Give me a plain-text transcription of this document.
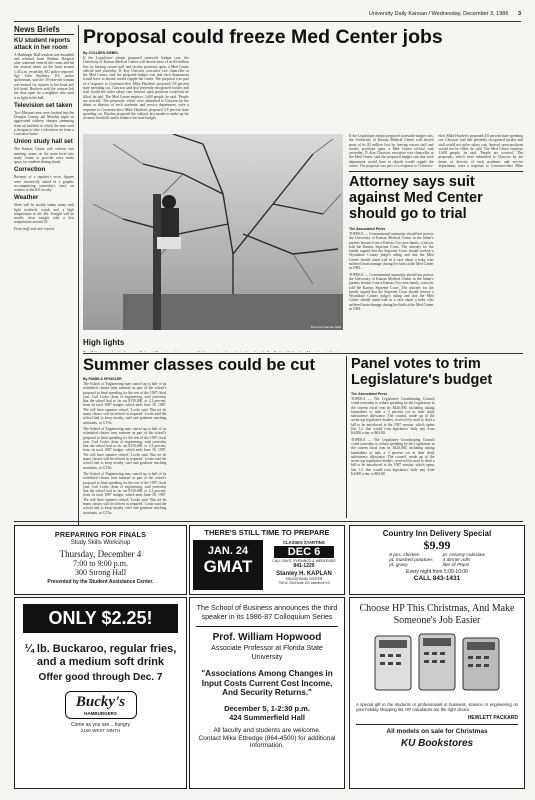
University Daily Kansan / Wednesday, December 3, 1986 3
News Briefs
KU student reports attack in her room

A Hashinger Hall resident was assaulted and released from Watkins Hospital after someone entered her room and hit her several times on the head around 1:45 a.m. yesterday, KU police reported. Sgt. John Brothers, KU police spokesman, said the 18-year-old woman was treated for injuries to her head and left hand. Brothers said the woman left her door open for a neighbor who used it as light in the hall.

Television set taken

Two Missouri men were booked into the Douglas County jail Monday night on aggravated robbery charges stemming from an incident in which the men used a shotgun to take a television set from a Lawrence home.

Union study hall set

The Kansas Union will convert two meeting rooms on the main level into study rooms to provide extra study space for students during finals.

Correction

Because of a reporter's error, figures were incorrectly stated in a graphic accompanying yesterday's story on women in the KU faculty.

Weather

Skies will be mostly sunny today with light northerly winds and a high temperature in the 40s. Tonight will be mostly clear tonight with a low temperature around 25.

From staff and wire reports

Proposal could freeze Med Center jobs
By COLLEEN SIEBEL

If the Legislature adopts proposed statewide budget cuts, the University of Kansas Medical Center will absorb most of its $3 million loss by leaving vacant staff and faculty positions open, a Med Center official said yesterday. D. Kay Clawson, executive vice chancellor at the Med Center, said the proposed budget cuts that each department would have to absorb would cripple the center. The proposal was part of a response to Governor-elect Mike Hayden's proposed 3.8 percent state spending cut. Clawson said that presently recognized faculty and staff would not suffer salary cuts. Instead, open positions would not be filled, he said. The Med Center employs 1,600 people, he said. 'People are worried.' The proposals, which were submitted to Clawson by the deans or director of each academic and service department, were a response to Governor-elect Mike Hayden's proposed 3.8 percent state spending cut. Hayden proposed the cutback last month to make up for revenue shortfalls and to balance the state budget.

Rob Karr/Kansan Staff
High lights

If the Legislature adopts proposed statewide budget cuts, the University of Kansas Medical Center will absorb most of its $3 million loss by leaving vacant staff and faculty positions open, a Med Center official said yesterday. D. Kay Clawson, executive vice chancellor at the Med Center, said the proposed budget cuts that each department would have to absorb would cripple the center. The proposal was part of a response to Governor-elect Mike Hayden's proposed 3.8 percent state spending cut. Clawson said that presently recognized faculty and staff would not suffer salary cuts. Instead, open positions would not be filled, he said. The Med Center employs 1,600 people, he said. 'People are worried.' The proposals, which were submitted to Clawson by the deans or director of each academic and service department, were a response to Governor-elect Mike

Attorney says suit against Med Center should go to trial
The Associated Press

TOPEKA — Governmental immunity should not protect the University of Kansas Medical Center in the infant's parents lawsuit from a Kansas City-area family, a lawyer told the Kansas Supreme Court. The attorney for the family argued that the Supreme Court should reverse a Wyandotte County judge's ruling and that the Med Center should stand trial in a case about a baby who suffered brain damage during her birth at the Med Center in 1983.

TOPEKA — Governmental immunity should not protect the University of Kansas Medical Center in the infant's parents lawsuit from a Kansas City-area family, a lawyer told the Kansas Supreme Court. The attorney for the family argued that the Supreme Court should reverse a Wyandotte County judge's ruling and that the Med Center should stand trial in a case about a baby who suffered brain damage during her birth at the Med Center in 1983.

Summer classes could be cut
By PAMELA SPINGLER

The School of Engineering may cancel up to half of its scheduled classes next summer as part of the school's proposal to limit spending for the rest of the 1987 fiscal year. Carl Locke, dean of engineering, said yesterday that the school had so far cut $150,000, or 2.2 percent, from its total 1987 budget, which ends June 30, 1987. 'We will have summer school,' Locke said. 'But we do many classes will be offered as required.' Locke said the school had to keep faculty, staff and graduate teaching assistants, or GTAs.

The School of Engineering may cancel up to half of its scheduled classes next summer as part of the school's proposal to limit spending for the rest of the 1987 fiscal year. Carl Locke, dean of engineering, said yesterday that the school had so far cut $150,000, or 2.2 percent, from its total 1987 budget, which ends June 30, 1987. 'We will have summer school,' Locke said. 'But we do many classes will be offered as required.' Locke said the school had to keep faculty, staff and graduate teaching assistants, or GTAs.

The School of Engineering may cancel up to half of its scheduled classes next summer as part of the school's proposal to limit spending for the rest of the 1987 fiscal year. Carl Locke, dean of engineering, said yesterday that the school had so far cut $150,000, or 2.2 percent, from its total 1987 budget, which ends June 30, 1987. 'We will have summer school,' Locke said. 'But we do many classes will be offered as required.' Locke said the school had to keep faculty, staff and graduate teaching assistants, or GTAs.

Panel votes to trim Legislature's budget
The Associated Press

TOPEKA — The Legislative Coordinating Council voted yesterday to reduce spending by the Legislature in the current fiscal year by $426,000, including asking lawmakers to take a 3 percent cut in their daily subsistence allowance. The council, made up of the seven top legislative leaders, received by mail to draft a bill to be introduced in the 1987 session, which opens Jan. 12, that would trim legislators' daily pay from $4,000 a day to $63.80.

TOPEKA — The Legislative Coordinating Council voted yesterday to reduce spending by the Legislature in the current fiscal year by $426,000, including asking lawmakers to take a 3 percent cut in their daily subsistence allowance. The council, made up of the seven top legislative leaders, received by mail to draft a bill to be introduced in the 1987 session, which opens Jan. 12, that would trim legislators' daily pay from $4,000 a day to $63.80.

PREPARING FOR FINALS
Study Skills Workshop
Thursday, December 4
7:00 to 9:00 p.m.
300 Strong Hall
Presented by the Student Assistance Center.
THERE'S STILL TIME TO PREPARE
JAN. 24
GMAT
CLASSES STARTING
DEC 6
CALL DAYS, EVENINGS & WEEKENDS
841-1220
Stanley H. KAPLAN
EDUCATIONAL CENTER
705 W. 23rd Suite 101 Lawrence KS
Country Inn Delivery Special
$9.99
8 pcs. chicken
pt. mashed potatoes
pt. gravy
pt. creamy coleslaw
4 dinner rolls
liter of Pepsi
Every night from 5:00-10:00
CALL 843-1431
ONLY $2.25!
¼ lb. Buckaroo, regular fries, and a medium soft drink
Offer good through Dec. 7
Bucky's
HAMBURGERS
Come as you are... hungry
2100 WEST NINTH
The School of Business announces the third speaker in its 1986-87 Colloquium Series
Prof. William Hopwood
Associate Professor at Florida State University
"Associations Among Changes in Input Costs Current Cost Income, And Security Returns."
December 5, 1-2:30 p.m.
424 Summerfield Hall
All faculty and students are welcome.
Contact Mike Ettredge (864-4500) for additional information.
Choose HP This Christmas, And Make Someone's Job Easier
A special gift to the students or professionals in business, science or engineering on your holiday shopping list. HP calculators are the right choice.
HEWLETT PACKARD
All models on sale for Christmas
KU Bookstores
